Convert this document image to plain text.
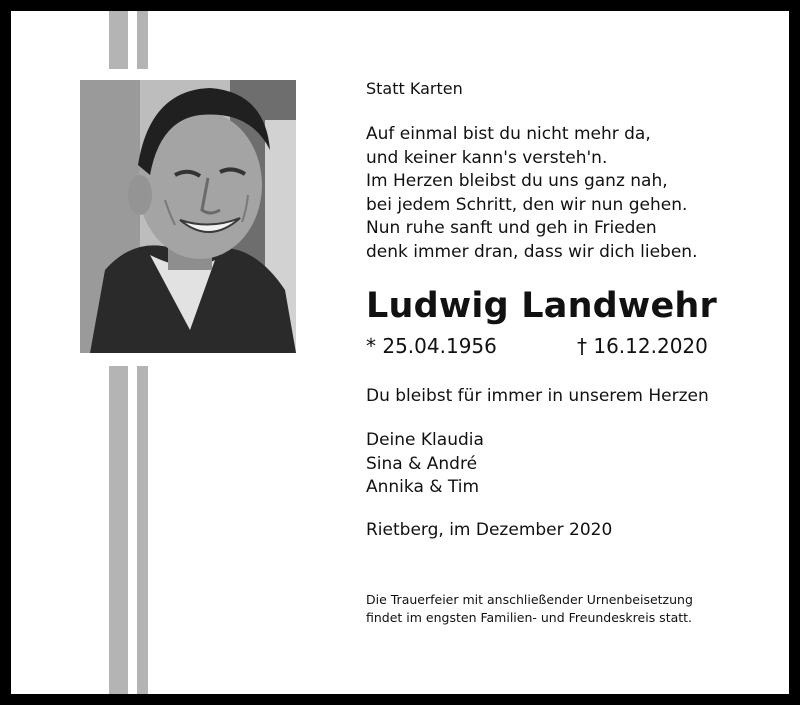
Statt Karten

Auf einmal bist du nicht mehr da,

und keiner kann's versteh'n.

Im Herzen bleibst du uns ganz nah,

bei jedem Schritt, den wir nun gehen.

Nun ruhe sanft und geh in Frieden

denk immer dran, dass wir dich lieben.

Ludwig Landwehr

* 25.04.1956	† 16.12.2020

Du bleibst für immer in unserem Herzen

Deine Klaudia

Sina & André

Annika & Tim

Rietberg, im Dezember 2020

Die Trauerfeier mit anschließender Urnenbeisetzung

findet im engsten Familien- und Freundeskreis statt.
